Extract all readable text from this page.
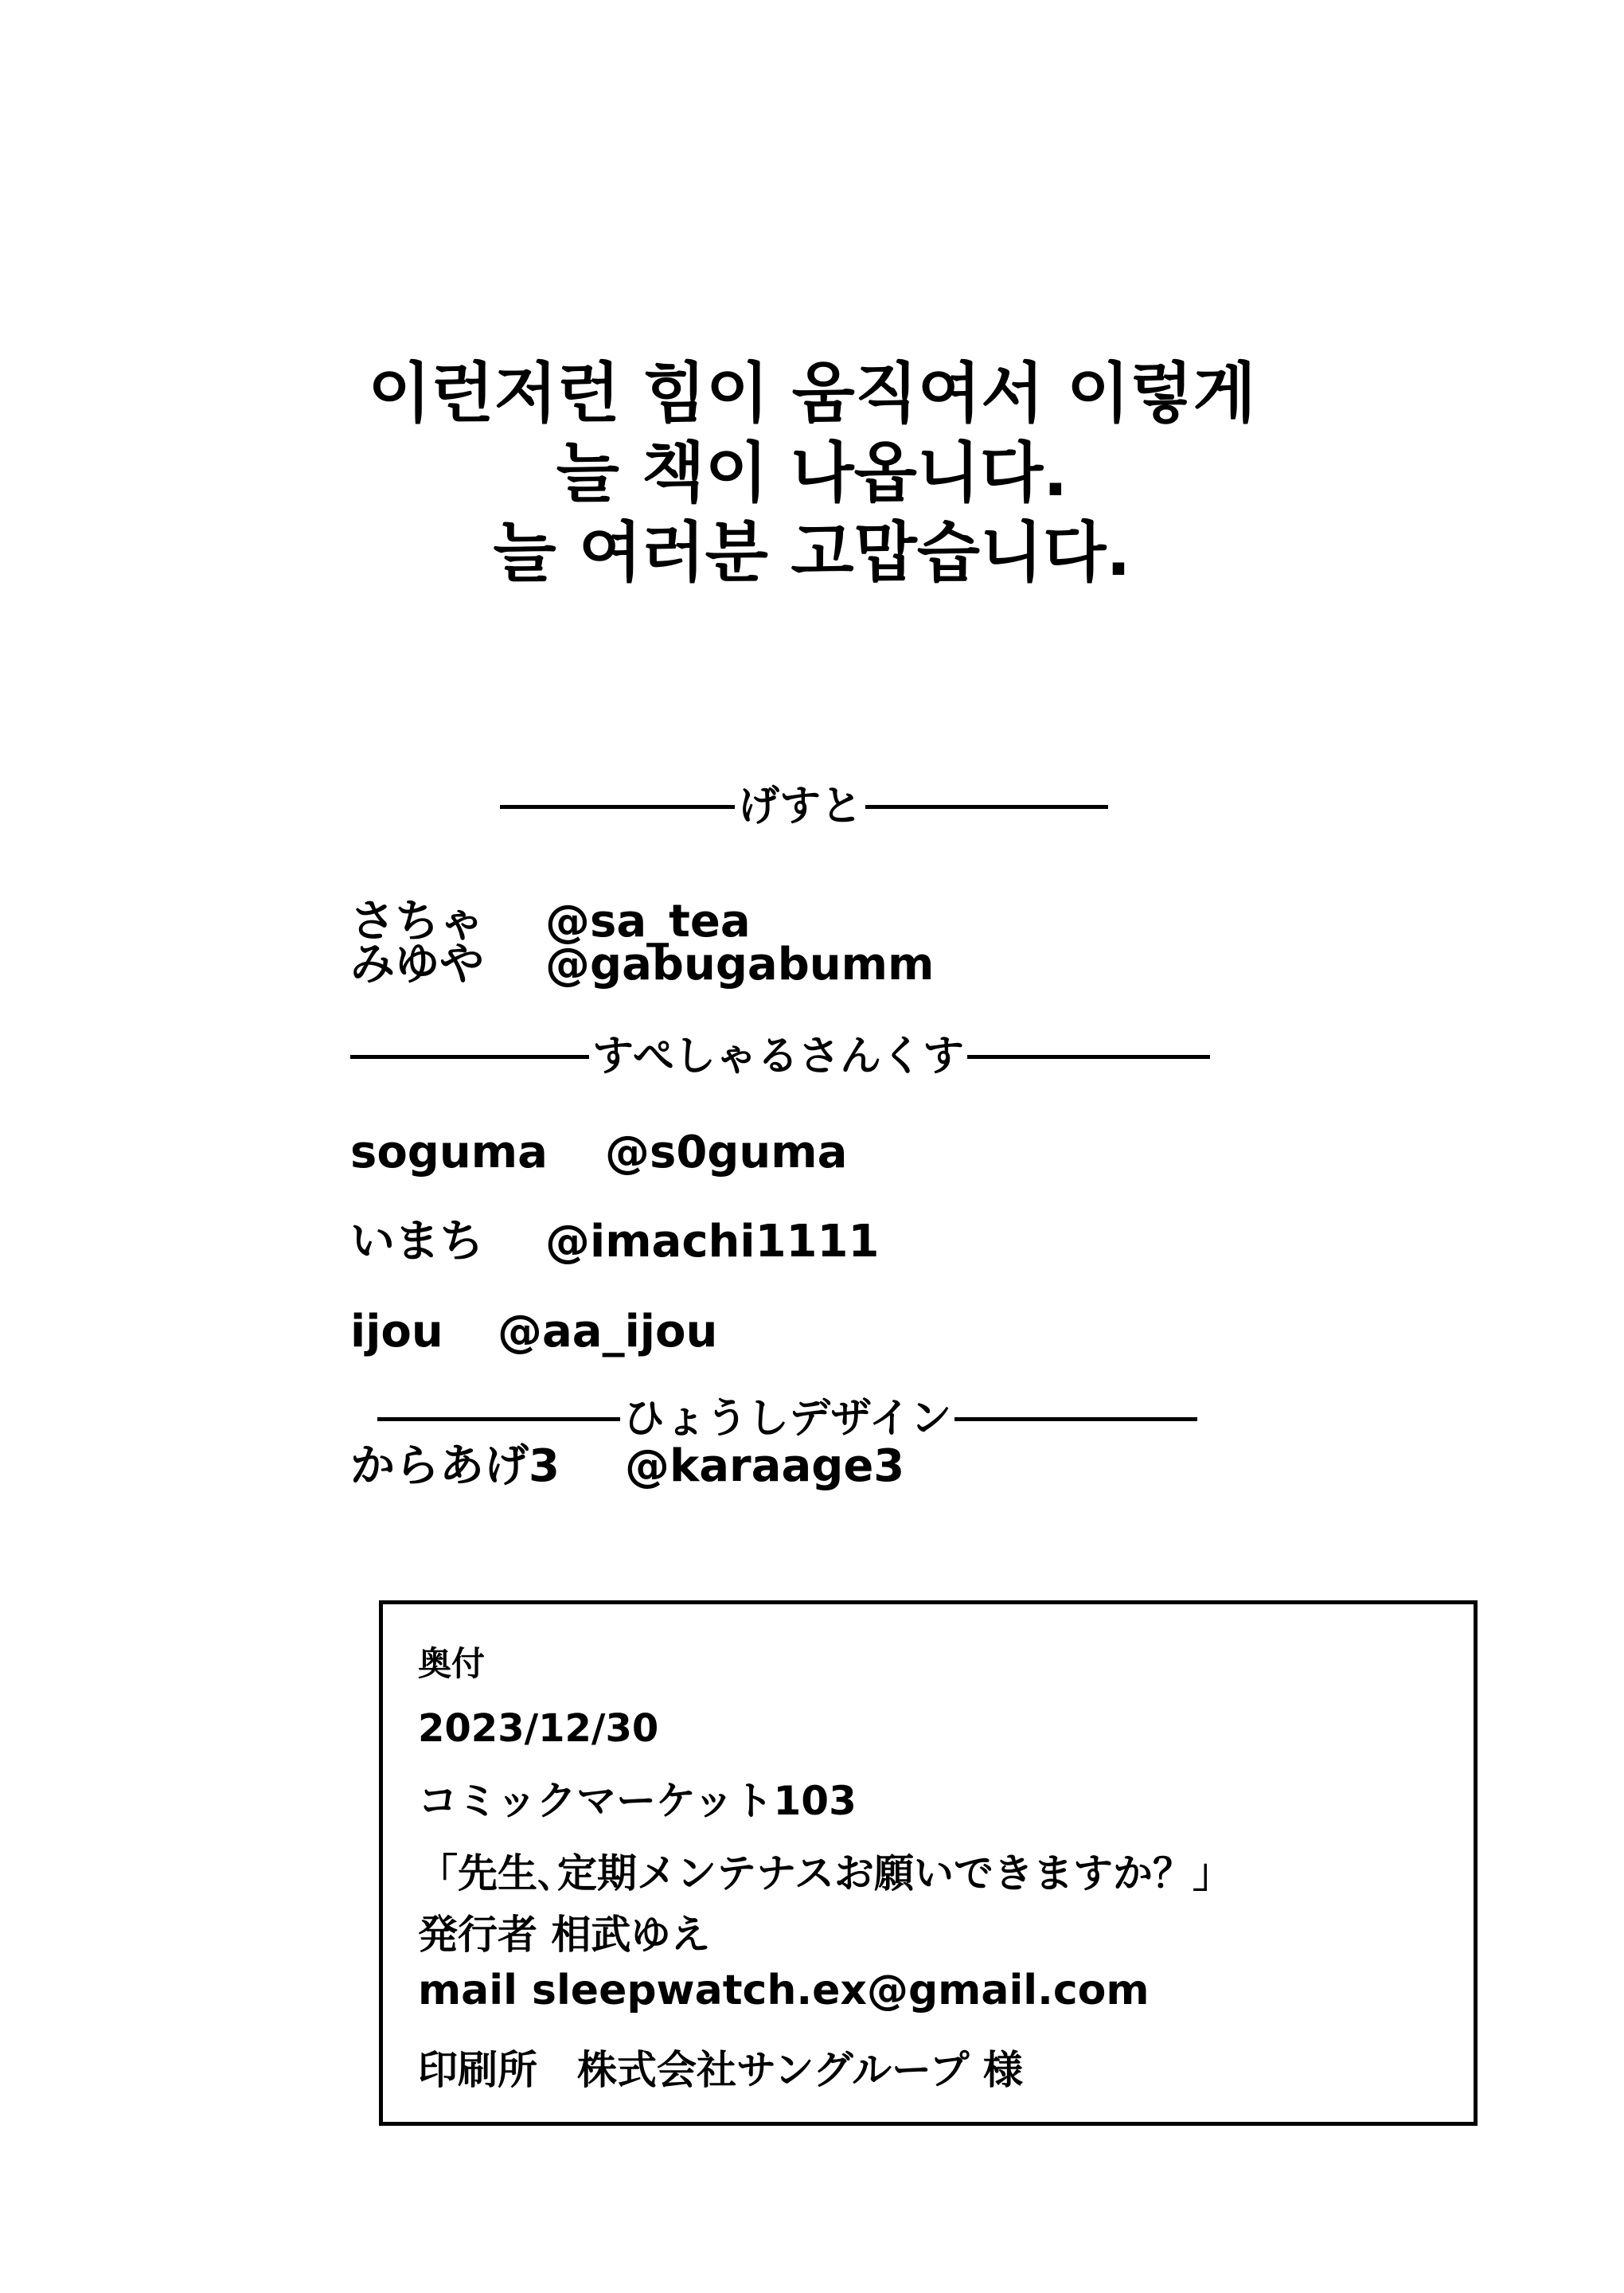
이런저런 힘이 움직여서 이렇게
늘 책이 나옵니다.
늘 여러분 고맙습니다.
げすと
さちゃ @sa_tea
みゆや @gabugabumm
すぺしゃるさんくす
soguma @s0guma
いまち @imachi1111
ijou @aa_ijou
ひょうしデザイン
からあげ3 @karaage3
奥付
2023/12/30
コミックマーケット103
「先生､定期メンテナスお願いできますか？」
発行者 相武ゆえ
mail sleepwatch.ex@gmail.com
印刷所　株式会社サングループ 様
